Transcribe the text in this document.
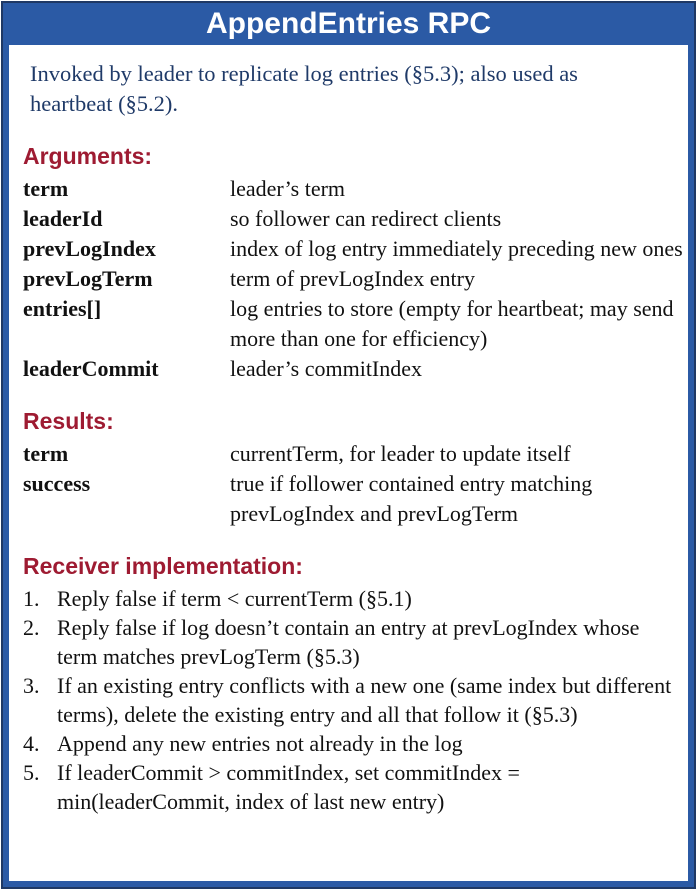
AppendEntries RPC
Invoked by leader to replicate log entries (§5.3); also used as heartbeat (§5.2).
Arguments:
term	leader’s term
leaderId	so follower can redirect clients
prevLogIndex	index of log entry immediately preceding new ones
prevLogTerm	term of prevLogIndex entry
entries[]	log entries to store (empty for heartbeat; may send more than one for efficiency)
leaderCommit	leader’s commitIndex
Results:
term	currentTerm, for leader to update itself
success	true if follower contained entry matching prevLogIndex and prevLogTerm
Receiver implementation:
1. Reply false if term < currentTerm (§5.1)
2. Reply false if log doesn’t contain an entry at prevLogIndex whose term matches prevLogTerm (§5.3)
3. If an existing entry conflicts with a new one (same index but different terms), delete the existing entry and all that follow it (§5.3)
4. Append any new entries not already in the log
5. If leaderCommit > commitIndex, set commitIndex = min(leaderCommit, index of last new entry)
